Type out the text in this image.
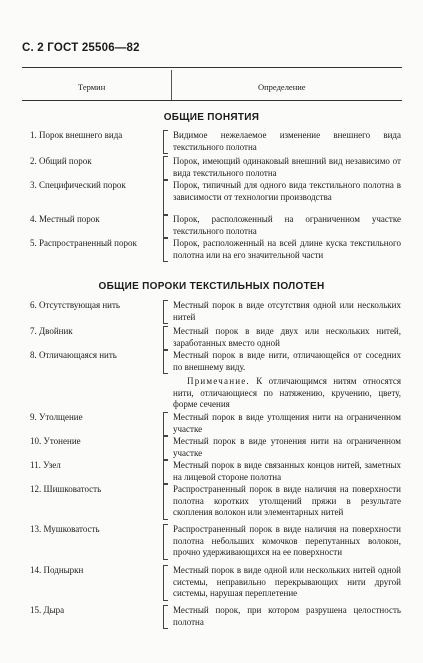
С. 2 ГОСТ 25506—82
Термин	Определение
ОБЩИЕ ПОНЯТИЯ
1. Порок внешнего вида	Видимое нежелаемое изменение внешнего вида текстильного полотна
2. Общий порок	Порок, имеющий одинаковый внешний вид независимо от вида текстильного полотна
3. Специфический порок	Порок, типичный для одного вида текстильного полотна в зависимости от технологии производства
4. Местный порок	Порок, расположенный на ограниченном участке текстильного полотна
5. Распространенный порок	Порок, расположенный на всей длине куска текстильного полотна или на его значительной части
ОБЩИЕ ПОРОКИ ТЕКСТИЛЬНЫХ ПОЛОТЕН
6. Отсутствующая нить	Местный порок в виде отсутствия одной или нескольких нитей
7. Двойник	Местный порок в виде двух или нескольких нитей, заработанных вместо одной
8. Отличающаяся нить	Местный порок в виде нити, отличающейся от соседних по внешнему виду.
Примечание. К отличающимся нитям относятся нити, отличающиеся по натяжению, кручению, цвету, форме сечения
9. Утолщение	Местный порок в виде утолщения нити на ограниченном участке
10. Утонение	Местный порок в виде утонения нити на ограниченном участке
11. Узел	Местный порок в виде связанных концов нитей, заметных на лицевой стороне полотна
12. Шишковатость	Распространенный порок в виде наличия на поверхности полотна коротких утолщений пряжи в результате скопления волокон или элементарных нитей
13. Мушковатость	Распространенный порок в виде наличия на поверхности полотна небольших комочков перепутанных волокон, прочно удерживающихся на ее поверхности
14. Подныркн	Местный порок в виде одной или нескольких нитей одной системы, неправильно перекрывающих нити другой системы, нарушая переплетение
15. Дыра	Местный порок, при котором разрушена целостность полотна
